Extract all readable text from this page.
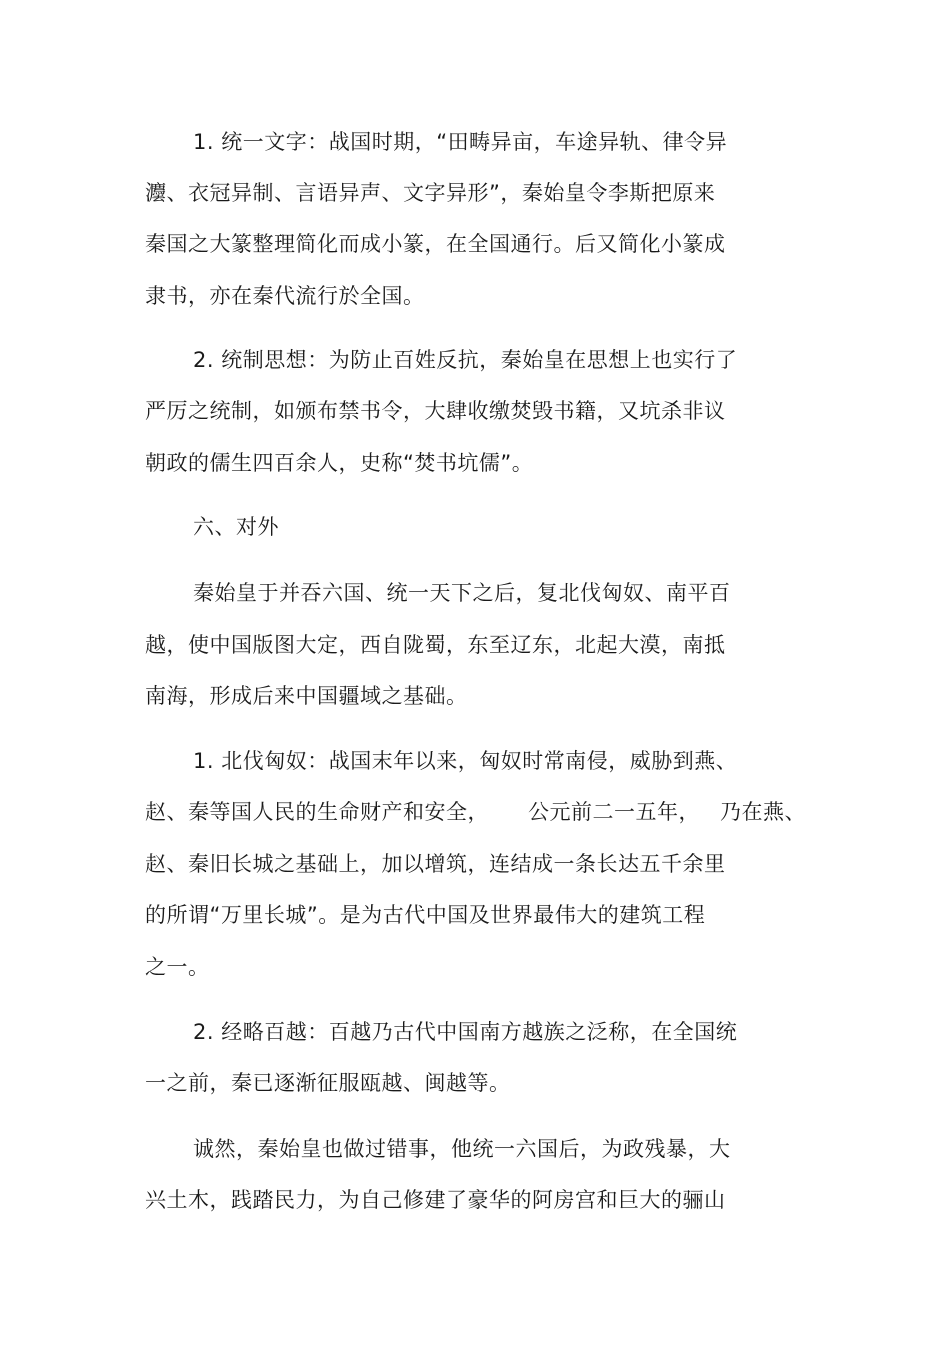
1. 统一文字：战国时期，“田畴异亩，车途异轨、律令异
灋、衣冠异制、言语异声、文字异形”，秦始皇令李斯把原来
秦国之大篆整理简化而成小篆，在全国通行。后又简化小篆成
隶书，亦在秦代流行於全国。
2. 统制思想：为防止百姓反抗，秦始皇在思想上也实行了
严厉之统制，如颁布禁书令，大肆收缴焚毁书籍，又坑杀非议
朝政的儒生四百余人，史称“焚书坑儒”。
六、对外
秦始皇于并吞六国、统一天下之后，复北伐匈奴、南平百
越，使中国版图大定，西自陇蜀，东至辽东，北起大漠，南抵
南海，形成后来中国疆域之基础。
1. 北伐匈奴：战国末年以来，匈奴时常南侵，威胁到燕、
赵、秦等国人民的生命财产和安全， 公元前二一五年， 乃在燕、
赵、秦旧长城之基础上，加以增筑，连结成一条长达五千余里
的所谓“万里长城”。是为古代中国及世界最伟大的建筑工程
之一。
2. 经略百越：百越乃古代中国南方越族之泛称，在全国统
一之前，秦已逐渐征服瓯越、闽越等。
诚然，秦始皇也做过错事，他统一六国后，为政残暴，大
兴土木，践踏民力，为自己修建了豪华的阿房宫和巨大的骊山
